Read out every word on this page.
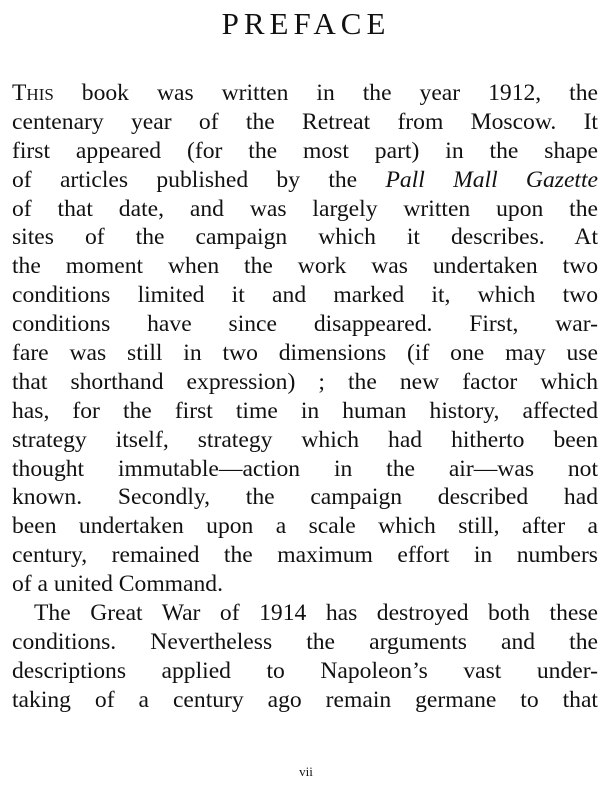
PREFACE
This book was written in the year 1912, the
centenary year of the Retreat from Moscow. It
first appeared (for the most part) in the shape
of articles published by the Pall Mall Gazette
of that date, and was largely written upon the
sites of the campaign which it describes. At
the moment when the work was undertaken two
conditions limited it and marked it, which two
conditions have since disappeared. First, war-
fare was still in two dimensions (if one may use
that shorthand expression) ; the new factor which
has, for the first time in human history, affected
strategy itself, strategy which had hitherto been
thought immutable—action in the air—was not
known. Secondly, the campaign described had
been undertaken upon a scale which still, after a
century, remained the maximum effort in numbers
of a united Command.
The Great War of 1914 has destroyed both these
conditions. Nevertheless the arguments and the
descriptions applied to Napoleon’s vast under-
taking of a century ago remain germane to that
vii
